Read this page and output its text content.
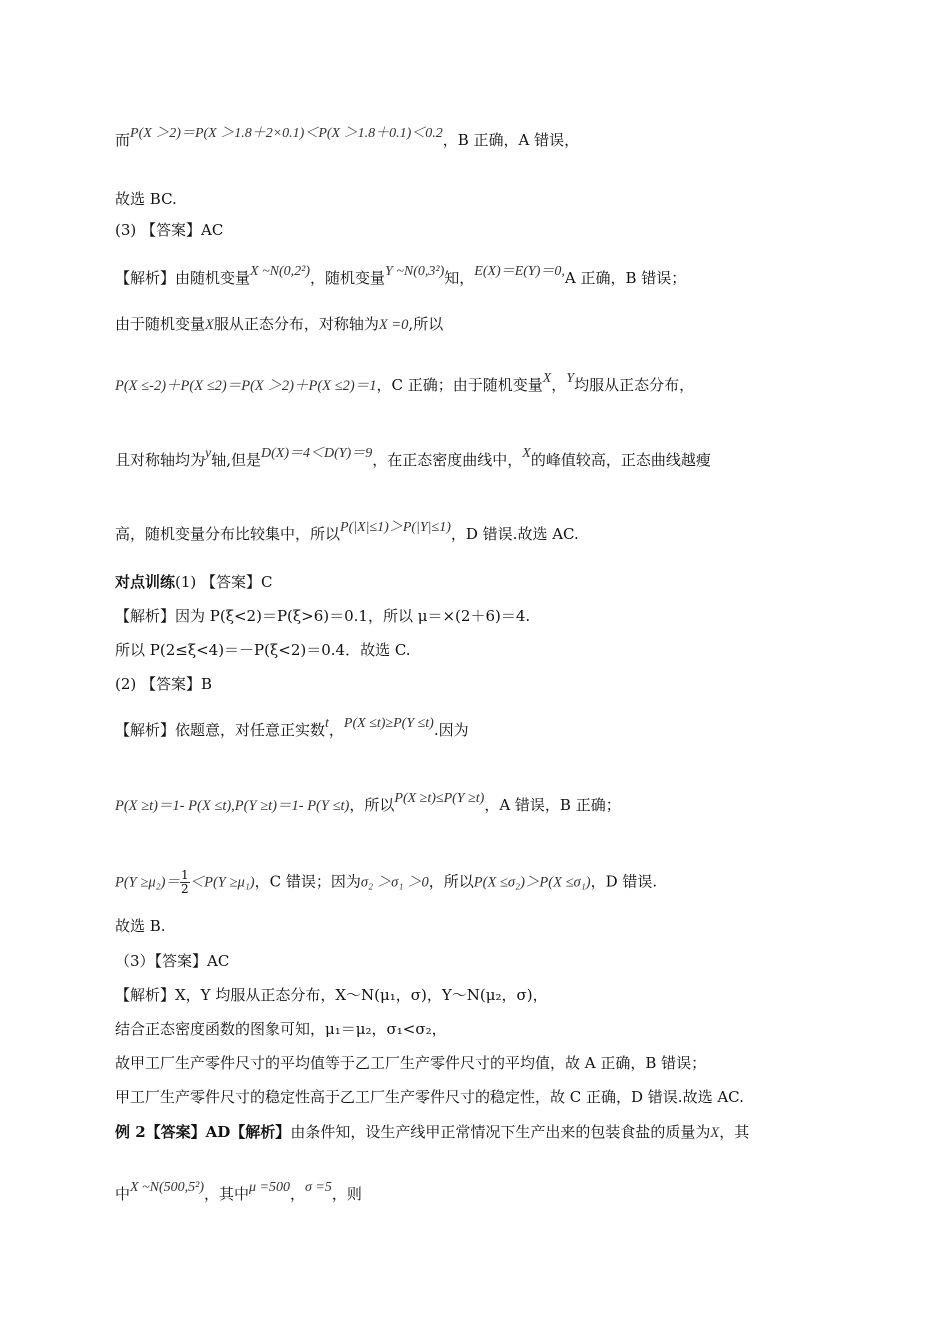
而P(X ＞2)＝P(X ＞1.8＋2×0.1)＜P(X ＞1.8＋0.1)＜0.2，B 正确，A 错误，
故选 BC.
(3) 【答案】AC
【解析】由随机变量X ~N(0,2²)，随机变量Y ~N(0,3²)知，E(X)＝E(Y)＝0,A 正确，B 错误；
由于随机变量X服从正态分布，对称轴为X =0,所以
P(X ≤-2)＋P(X ≤2)＝P(X ＞2)＋P(X ≤2)＝1，C 正确；由于随机变量X，Y均服从正态分布，
且对称轴均为y轴,但是D(X)＝4＜D(Y)＝9，在正态密度曲线中，X的峰值较高，正态曲线越瘦
高，随机变量分布比较集中，所以P(|X|≤1)＞P(|Y|≤1)，D 错误.故选 AC.
对点训练(1) 【答案】C
【解析】因为 P(ξ<2)＝P(ξ>6)＝0.1，所以 μ＝×(2＋6)＝4.
所以 P(2≤ξ<4)＝－P(ξ<2)＝0.4．故选 C.
(2) 【答案】B
【解析】依题意，对任意正实数t，P(X ≤t)≥P(Y ≤t).因为
P(X ≥t)＝1- P(X ≤t),P(Y ≥t)＝1- P(Y ≤t)，所以P(X ≥t)≤P(Y ≥t)，A 错误，B 正确；
$P(Y \ge\mu_2)= \frac{1}{2} <P(Y \ge\mu_1)$，C 错误；因为σ₂ ＞σ₁ ＞0，所以P(X ≤σ₂)＞P(X ≤σ₁)，D 错误.
故选 B.
（3）【答案】AC
【解析】X，Y 均服从正态分布，X～N(μ₁，σ)，Y～N(μ₂，σ)，
结合正态密度函数的图象可知，μ₁＝μ₂，σ₁<σ₂，
故甲工厂生产零件尺寸的平均值等于乙工厂生产零件尺寸的平均值，故 A 正确，B 错误；
甲工厂生产零件尺寸的稳定性高于乙工厂生产零件尺寸的稳定性，故 C 正确，D 错误.故选 AC.
例 2【答案】AD【解析】由条件知，设生产线甲正常情况下生产出来的包装食盐的质量为X，其
中X ~N(500,5²)，其中μ =500，σ =5，则
